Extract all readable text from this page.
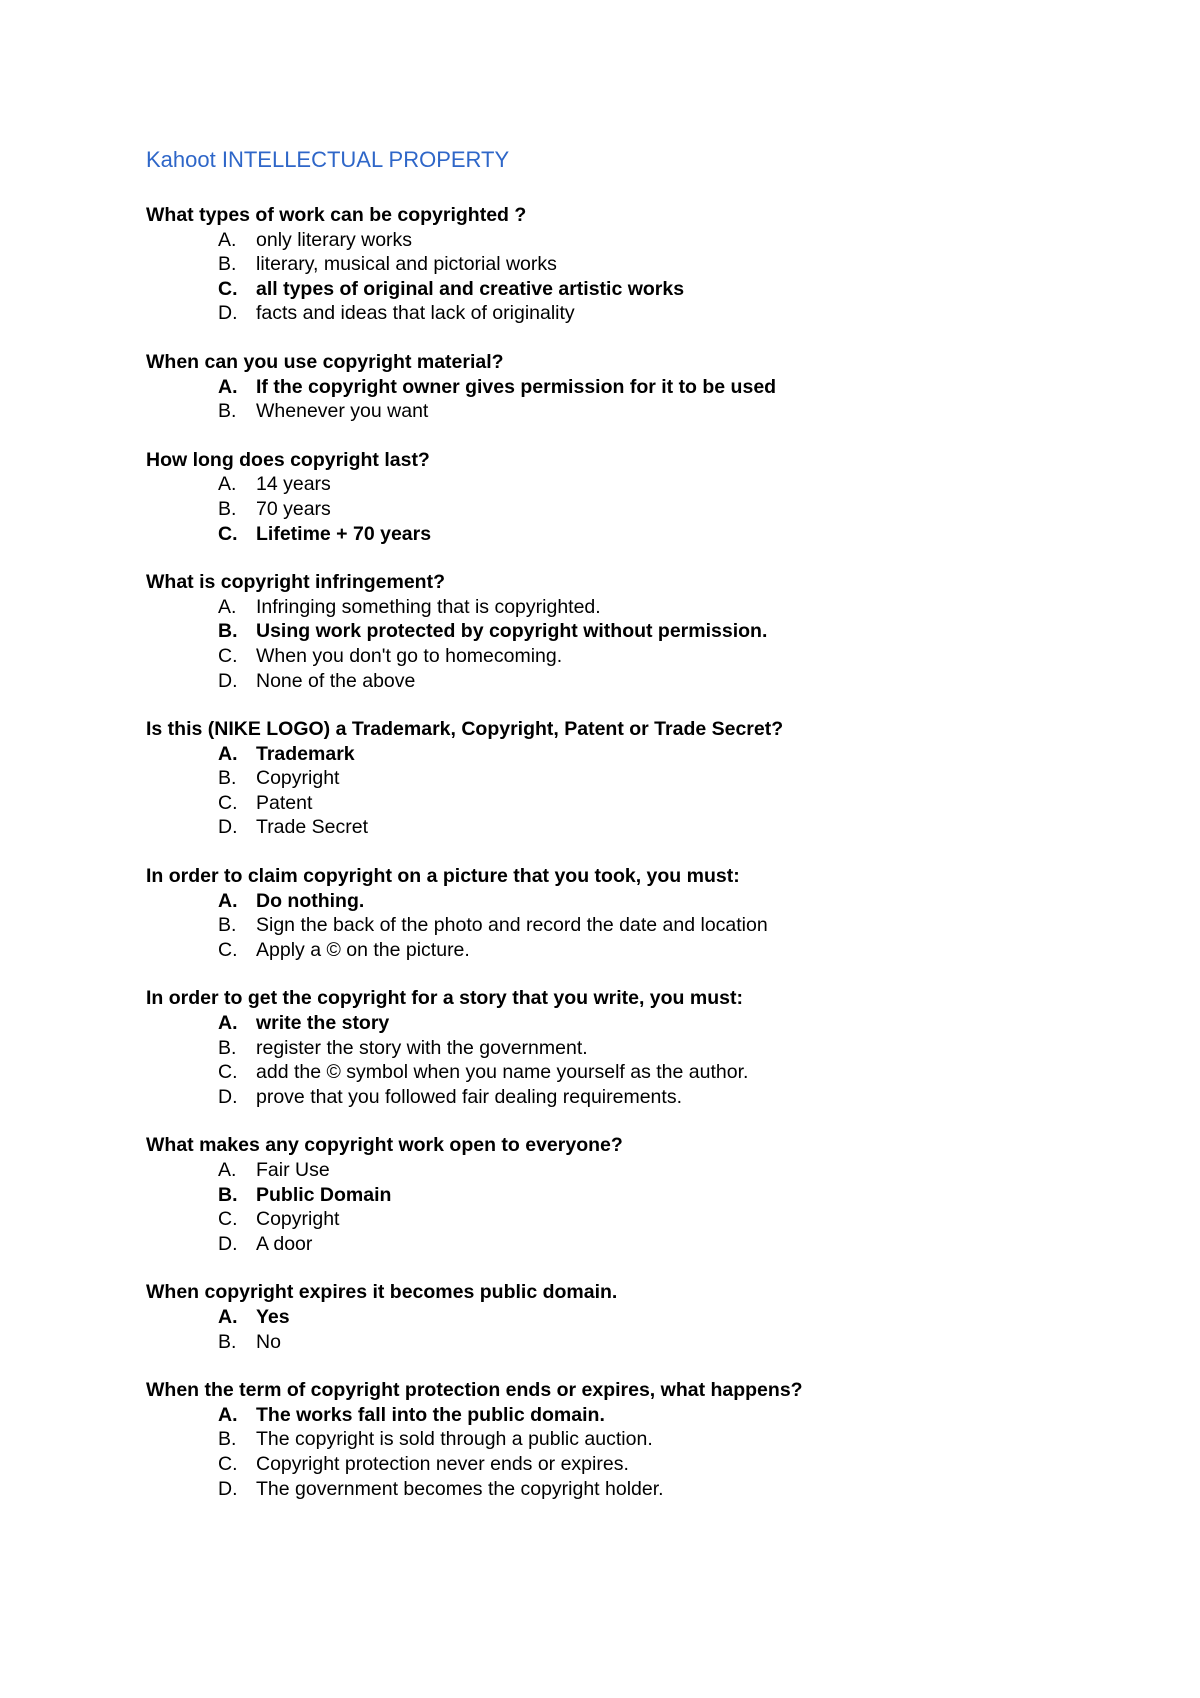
Kahoot INTELLECTUAL PROPERTY
What types of work can be copyrighted ?
A. only literary works
B. literary, musical and pictorial works
C. all types of original and creative artistic works
D. facts and ideas that lack of originality
When can you use copyright material?
A. If the copyright owner gives permission for it to be used
B. Whenever you want
How long does copyright last?
A. 14 years
B. 70 years
C. Lifetime + 70 years
What is copyright infringement?
A. Infringing something that is copyrighted.
B. Using work protected by copyright without permission.
C. When you don't go to homecoming.
D. None of the above
Is this (NIKE LOGO) a Trademark, Copyright, Patent or Trade Secret?
A. Trademark
B. Copyright
C. Patent
D. Trade Secret
In order to claim copyright on a picture that you took, you must:
A. Do nothing.
B. Sign the back of the photo and record the date and location
C. Apply a © on the picture.
In order to get the copyright for a story that you write, you must:
A. write the story
B. register the story with the government.
C. add the © symbol when you name yourself as the author.
D. prove that you followed fair dealing requirements.
What makes any copyright work open to everyone?
A. Fair Use
B. Public Domain
C. Copyright
D. A door
When copyright expires it becomes public domain.
A. Yes
B. No
When the term of copyright protection ends or expires, what happens?
A. The works fall into the public domain.
B. The copyright is sold through a public auction.
C. Copyright protection never ends or expires.
D. The government becomes the copyright holder.
